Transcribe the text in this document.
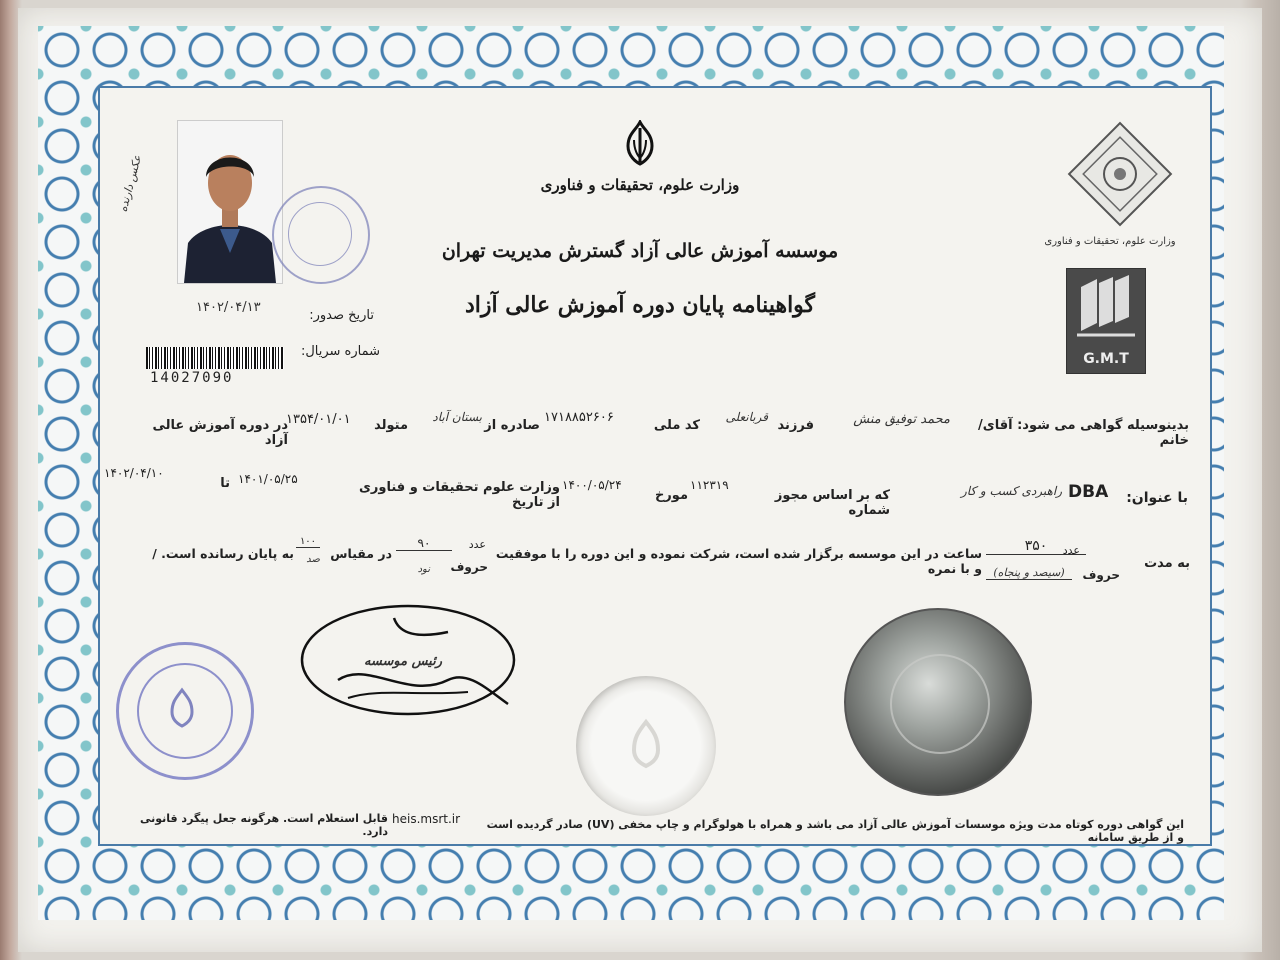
وزارت علوم، تحقیقات و فناوری
موسسه آموزش عالی آزاد گسترش مدیریت تهران
گواهینامه پایان دوره آموزش عالی آزاد
وزارت علوم، تحقیقات و فناوری
G.M.T
عکس دارنده
۱۴۰۲/۰۴/۱۳
تاریخ صدور:
14027090
شماره سریال:
بدینوسیله گواهی می شود: آقای/خانم
محمد توفیق منش
فرزند
قربانعلی
کد ملی
۱۷۱۸۸۵۲۶۰۶
صادره از
بستان آباد
متولد
۱۳۵۴/۰۱/۰۱
در دوره آموزش عالی آزاد
با عنوان:
DBA
راهبردی کسب و کار
که بر اساس مجوز شماره
۱۱۲۳۱۹
مورخ
۱۴۰۰/۰۵/۲۴
وزارت علوم تحقیقات و فناوری از تاریخ
۱۴۰۱/۰۵/۲۵
تا
۱۴۰۲/۰۴/۱۰
به مدت
عدد
حروف
۳۵۰
(سیصد و پنجاه)
ساعت در این موسسه برگزار شده است، شرکت نموده و این دوره را با موفقیت و با نمره
عدد
حروف
۹۰
نود
در مقیاس
۱۰۰
صد
به پایان رسانده است. /
رئیس موسسه
این گواهی دوره کوتاه مدت ویژه موسسات آموزش عالی آزاد می باشد و همراه با هولوگرام و چاپ مخفی (UV) صادر گردیده است و از طریق سامانه
heis.msrt.ir
قابل استعلام است. هرگونه جعل پیگرد قانونی دارد.
